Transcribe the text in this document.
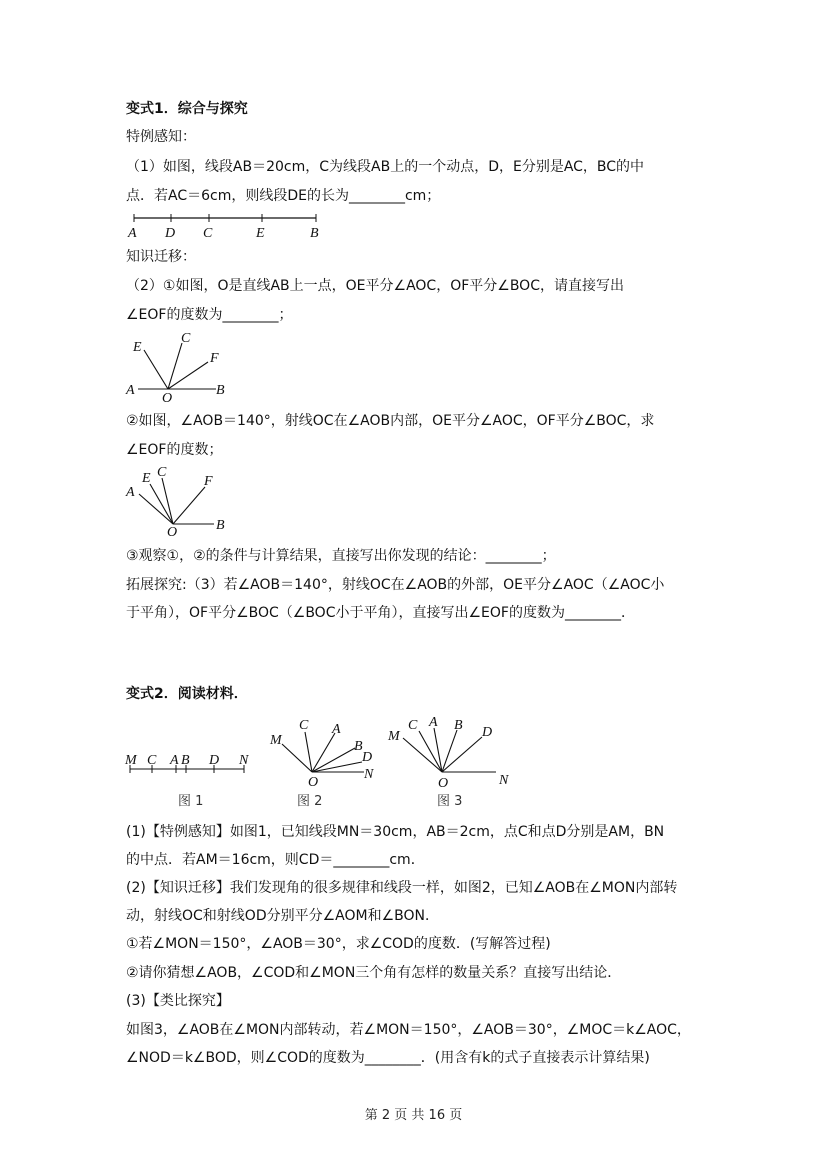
变式1．综合与探究
特例感知：
（1）如图，线段AB＝20cm，C为线段AB上的一个动点，D，E分别是AC，BC的中
点．若AC＝6cm，则线段DE的长为________cm；
A D C	E	B
知识迁移：
（2）①如图，O是直线AB上一点，OE平分∠AOC，OF平分∠BOC，请直接写出
∠EOF的度数为________；
E
C
F
A
O
B
②如图，∠AOB＝140°，射线OC在∠AOB内部，OE平分∠AOC，OF平分∠BOC，求
∠EOF的度数；
E C
A
F
O	B
③观察①，②的条件与计算结果，直接写出你发现的结论：________；
拓展探究:（3）若∠AOB＝140°，射线OC在∠AOB的外部，OE平分∠AOC（∠AOC小
于平角），OF平分∠BOC（∠BOC小于平角），直接写出∠EOF的度数为________．
变式2．阅读材料．
M C A B D N
图 1
M
C A
B
D
O
N
图 2
M
C A B D
O	N
图 3
(1)【特例感知】如图1，已知线段MN＝30cm，AB＝2cm，点C和点D分别是AM，BN
的中点．若AM＝16cm，则CD＝________cm．
(2)【知识迁移】我们发现角的很多规律和线段一样，如图2，已知∠AOB在∠MON内部转
动，射线OC和射线OD分别平分∠AOM和∠BON．
①若∠MON＝150°，∠AOB＝30°，求∠COD的度数．(写解答过程)
②请你猜想∠AOB，∠COD和∠MON三个角有怎样的数量关系？直接写出结论．
(3)【类比探究】
如图3，∠AOB在∠MON内部转动，若∠MON＝150°，∠AOB＝30°，∠MOC＝k∠AOC，
∠NOD＝k∠BOD，则∠COD的度数为________．(用含有k的式子直接表示计算结果)
第 2 页 共 16 页
